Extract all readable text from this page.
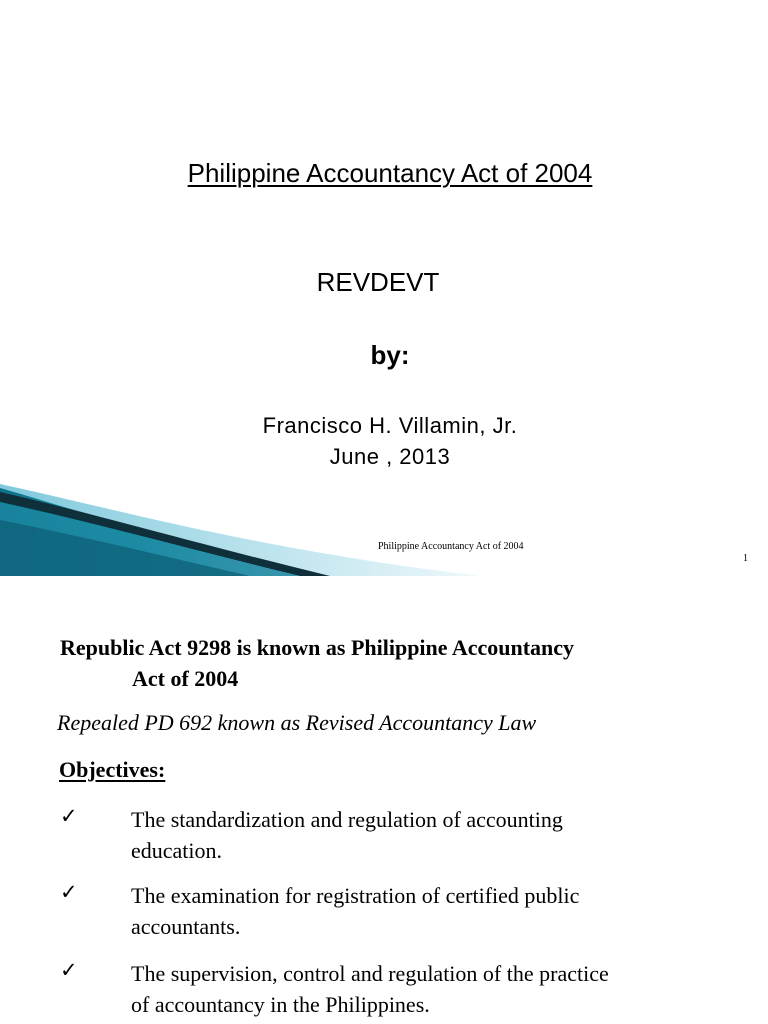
Philippine Accountancy Act of 2004
REVDEVT
by:
Francisco H. Villamin, Jr.
June , 2013
Philippine Accountancy Act of 2004
1
Republic Act 9298 is known as Philippine Accountancy
Act of 2004
Repealed PD 692 known as Revised Accountancy Law
Objectives:
✓ The standardization and regulation of accounting
education.
✓ The examination for registration of certified public
accountants.
✓ The supervision, control and regulation of the practice
of accountancy in the Philippines.
